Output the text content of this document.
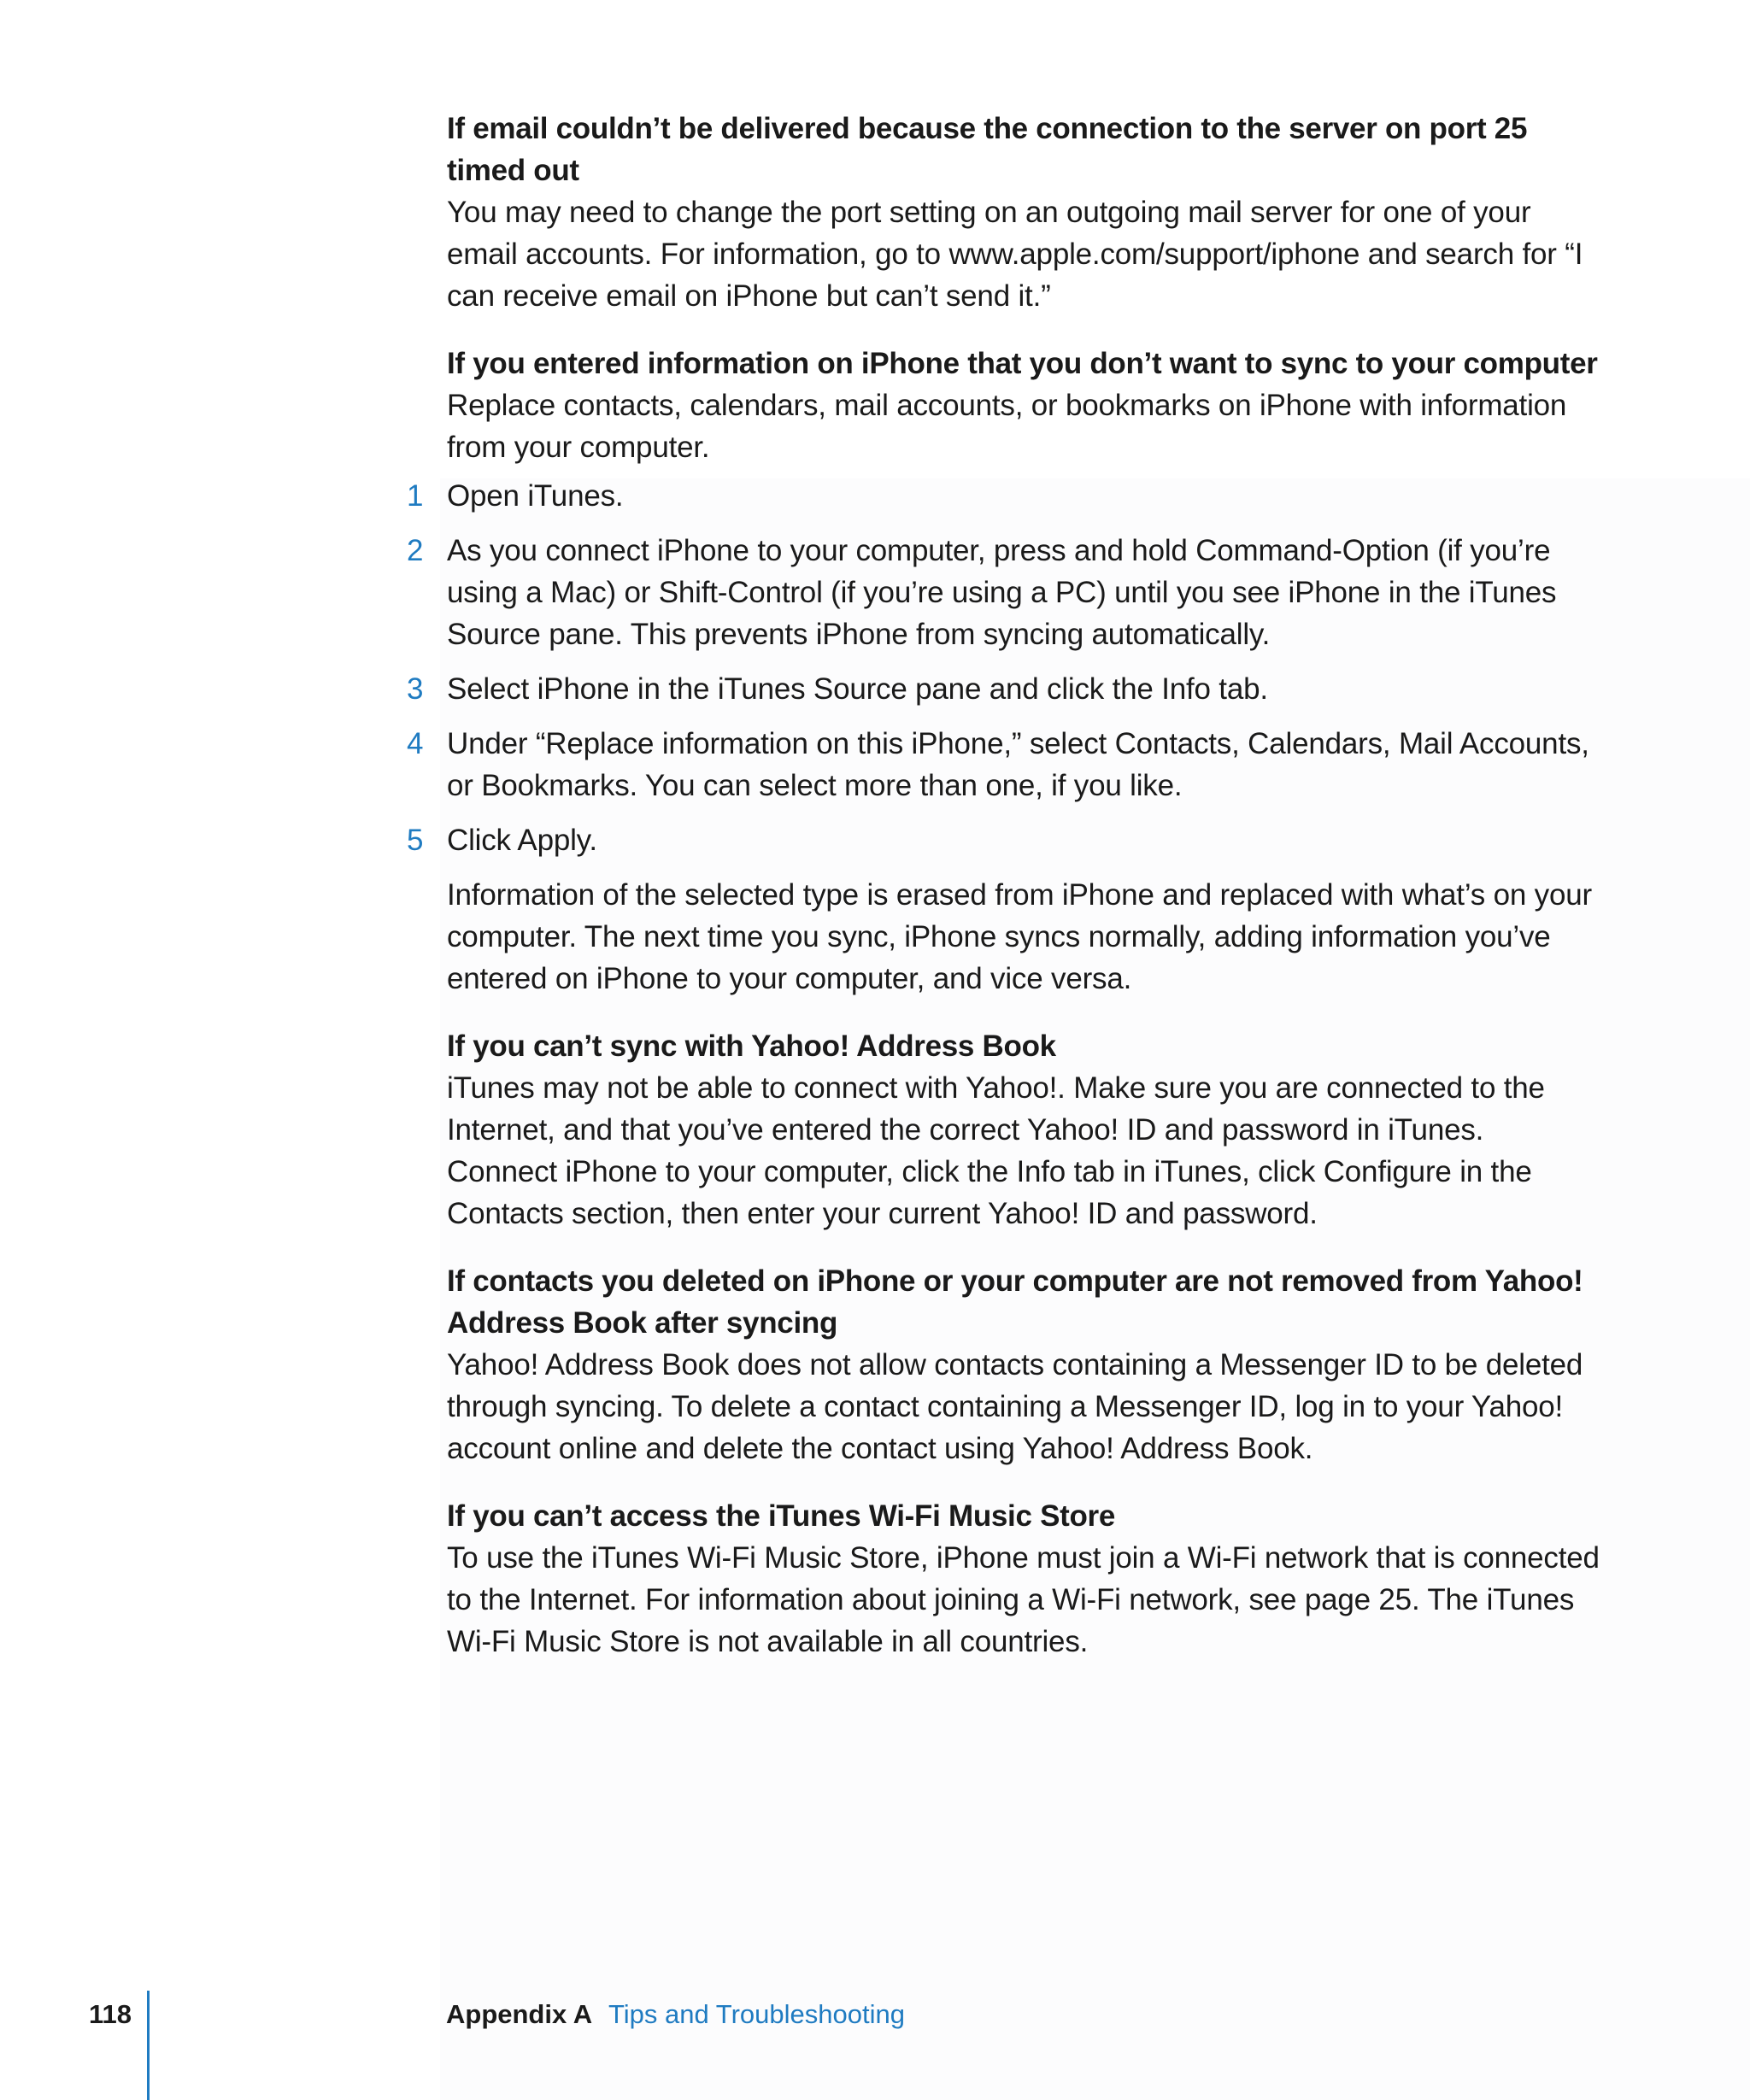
If email couldn’t be delivered because the connection to the server on port 25 timed out

You may need to change the port setting on an outgoing mail server for one of your email accounts. For information, go to www.apple.com/support/iphone and search for “I can receive email on iPhone but can’t send it.”

If you entered information on iPhone that you don’t want to sync to your computer

Replace contacts, calendars, mail accounts, or bookmarks on iPhone with information from your computer.

1 Open iTunes.

2 As you connect iPhone to your computer, press and hold Command-Option (if you’re using a Mac) or Shift-Control (if you’re using a PC) until you see iPhone in the iTunes Source pane. This prevents iPhone from syncing automatically.

3 Select iPhone in the iTunes Source pane and click the Info tab.

4 Under “Replace information on this iPhone,” select Contacts, Calendars, Mail Accounts, or Bookmarks. You can select more than one, if you like.

5 Click Apply.

Information of the selected type is erased from iPhone and replaced with what’s on your computer. The next time you sync, iPhone syncs normally, adding information you’ve entered on iPhone to your computer, and vice versa.

If you can’t sync with Yahoo! Address Book

iTunes may not be able to connect with Yahoo!. Make sure you are connected to the Internet, and that you’ve entered the correct Yahoo! ID and password in iTunes. Connect iPhone to your computer, click the Info tab in iTunes, click Configure in the Contacts section, then enter your current Yahoo! ID and password.

If contacts you deleted on iPhone or your computer are not removed from Yahoo! Address Book after syncing

Yahoo! Address Book does not allow contacts containing a Messenger ID to be deleted through syncing. To delete a contact containing a Messenger ID, log in to your Yahoo! account online and delete the contact using Yahoo! Address Book.

If you can’t access the iTunes Wi-Fi Music Store

To use the iTunes Wi-Fi Music Store, iPhone must join a Wi-Fi network that is connected to the Internet. For information about joining a Wi-Fi network, see page 25. The iTunes Wi-Fi Music Store is not available in all countries.

118	Appendix A Tips and Troubleshooting
